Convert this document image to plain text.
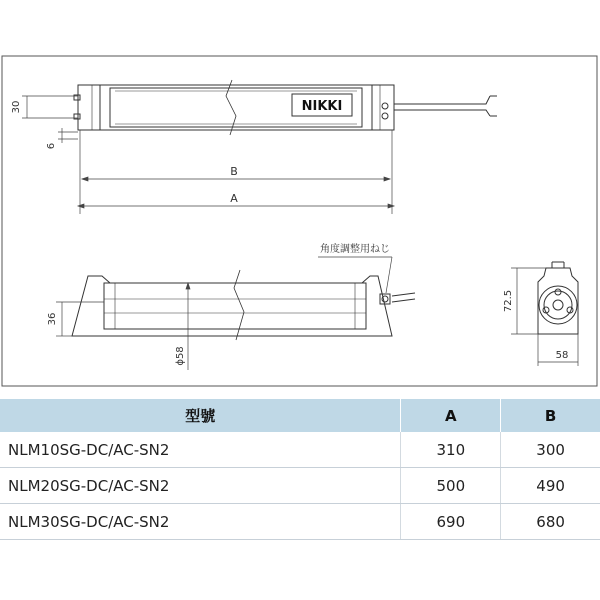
NIKKI
30
6
B
A
角度調整用ねじ
36
ϕ58
72.5
58
型號	A	B
NLM10SG-DC/AC-SN2	310	300
NLM20SG-DC/AC-SN2	500	490
NLM30SG-DC/AC-SN2	690	680
